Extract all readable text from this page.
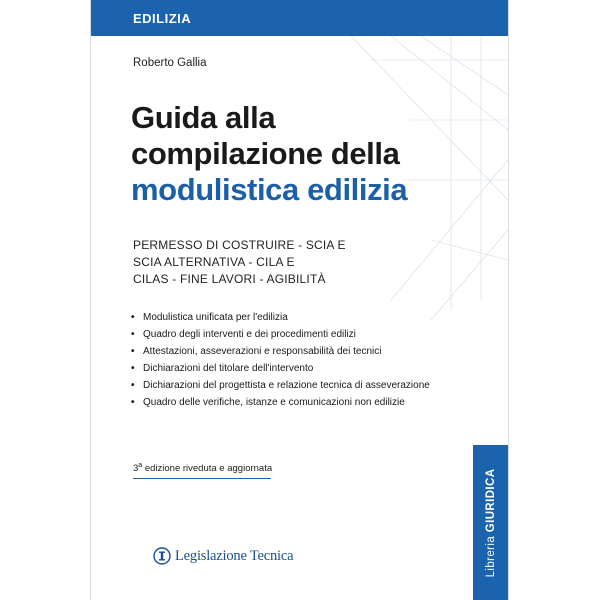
EDILIZIA
Roberto Gallia
Guida alla
compilazione della
modulistica edilizia
PERMESSO DI COSTRUIRE - SCIA E
SCIA ALTERNATIVA - CILA E
CILAS - FINE LAVORI - AGIBILITÀ
• Modulistica unificata per l'edilizia
• Quadro degli interventi e dei procedimenti edilizi
• Attestazioni, asseverazioni e responsabilità dei tecnici
• Dichiarazioni del titolare dell'intervento
• Dichiarazioni del progettista e relazione tecnica di asseverazione
• Quadro delle verifiche, istanze e comunicazioni non edilizie
3$^a$ edizione riveduta e aggiornata
Legislazione Tecnica	Libreria GIURIDICA
